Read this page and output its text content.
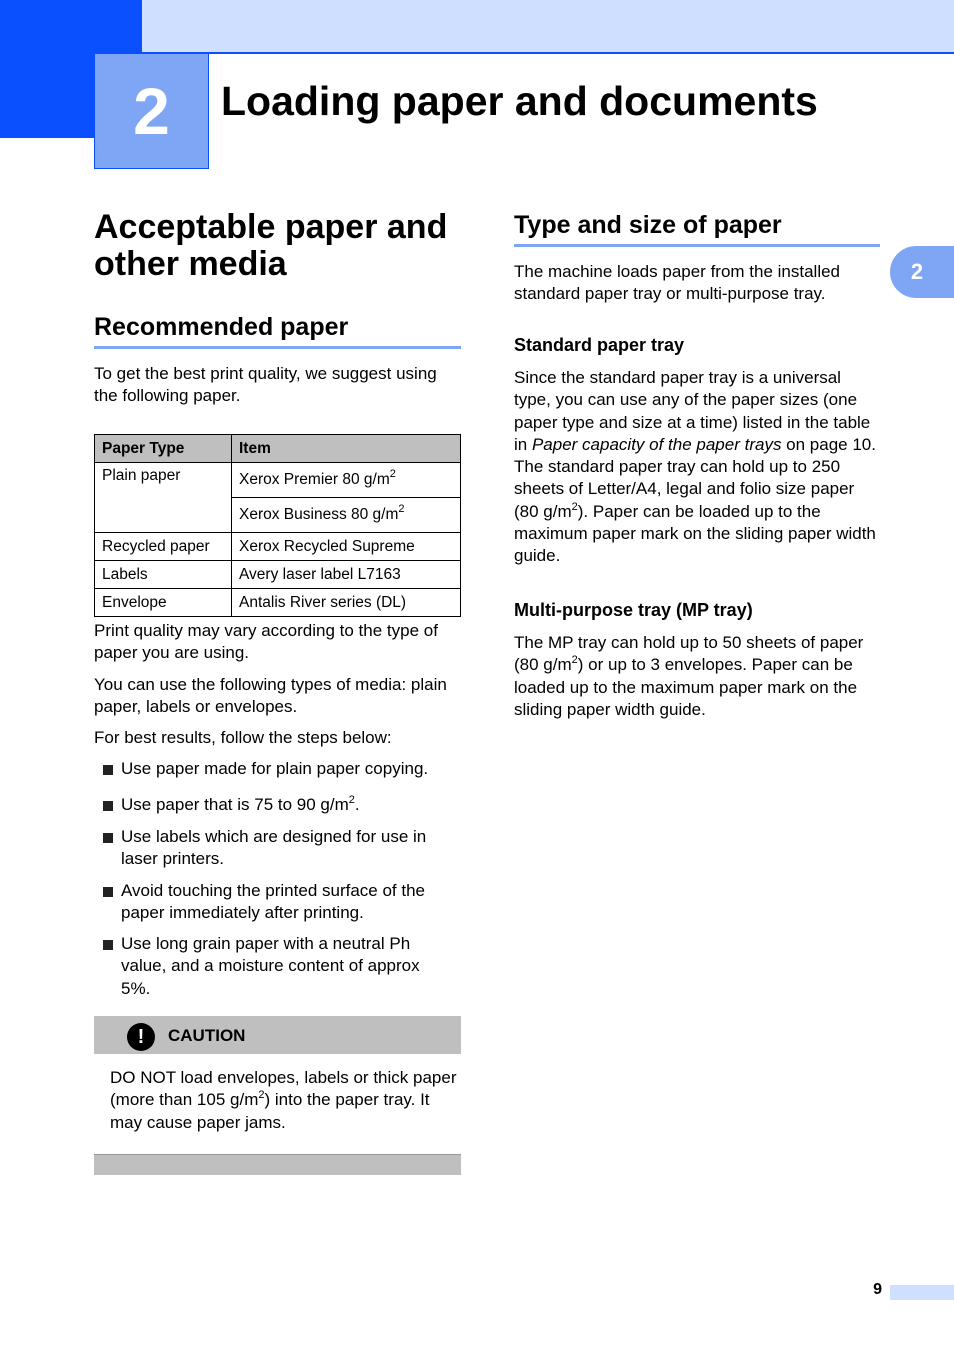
2	Loading paper and documents
2
Acceptable paper and
other media
Recommended paper
To get the best print quality, we suggest using the following paper.
Paper Type	Item
Plain paper	Xerox Premier 80 $g/m^2$
	Xerox Business 80 $g/m^2$
Recycled paper	Xerox Recycled Supreme
Labels	Avery laser label L7163
Envelope	Antalis River series (DL)
Print quality may vary according to the type of paper you are using.
You can use the following types of media: plain paper, labels or envelopes.
For best results, follow the steps below:
Use paper made for plain paper copying.
Use paper that is 75 to 90 $g/m^2$.
Use labels which are designed for use in laser printers.
Avoid touching the printed surface of the paper immediately after printing.
Use long grain paper with a neutral Ph value, and a moisture content of approx 5%.
!	CAUTION
DO NOT load envelopes, labels or thick paper (more than 105 $g/m^2$) into the paper tray. It may cause paper jams.
Type and size of paper
The machine loads paper from the installed standard paper tray or multi-purpose tray.
Standard paper tray
Since the standard paper tray is a universal type, you can use any of the paper sizes (one paper type and size at a time) listed in the table in Paper capacity of the paper trays on page 10. The standard paper tray can hold up to 250 sheets of Letter/A4, legal and folio size paper (80 $g/m^2$). Paper can be loaded up to the maximum paper mark on the sliding paper width guide.
Multi-purpose tray (MP tray)
The MP tray can hold up to 50 sheets of paper (80 $g/m^2$) or up to 3 envelopes. Paper can be loaded up to the maximum paper mark on the sliding paper width guide.
9
